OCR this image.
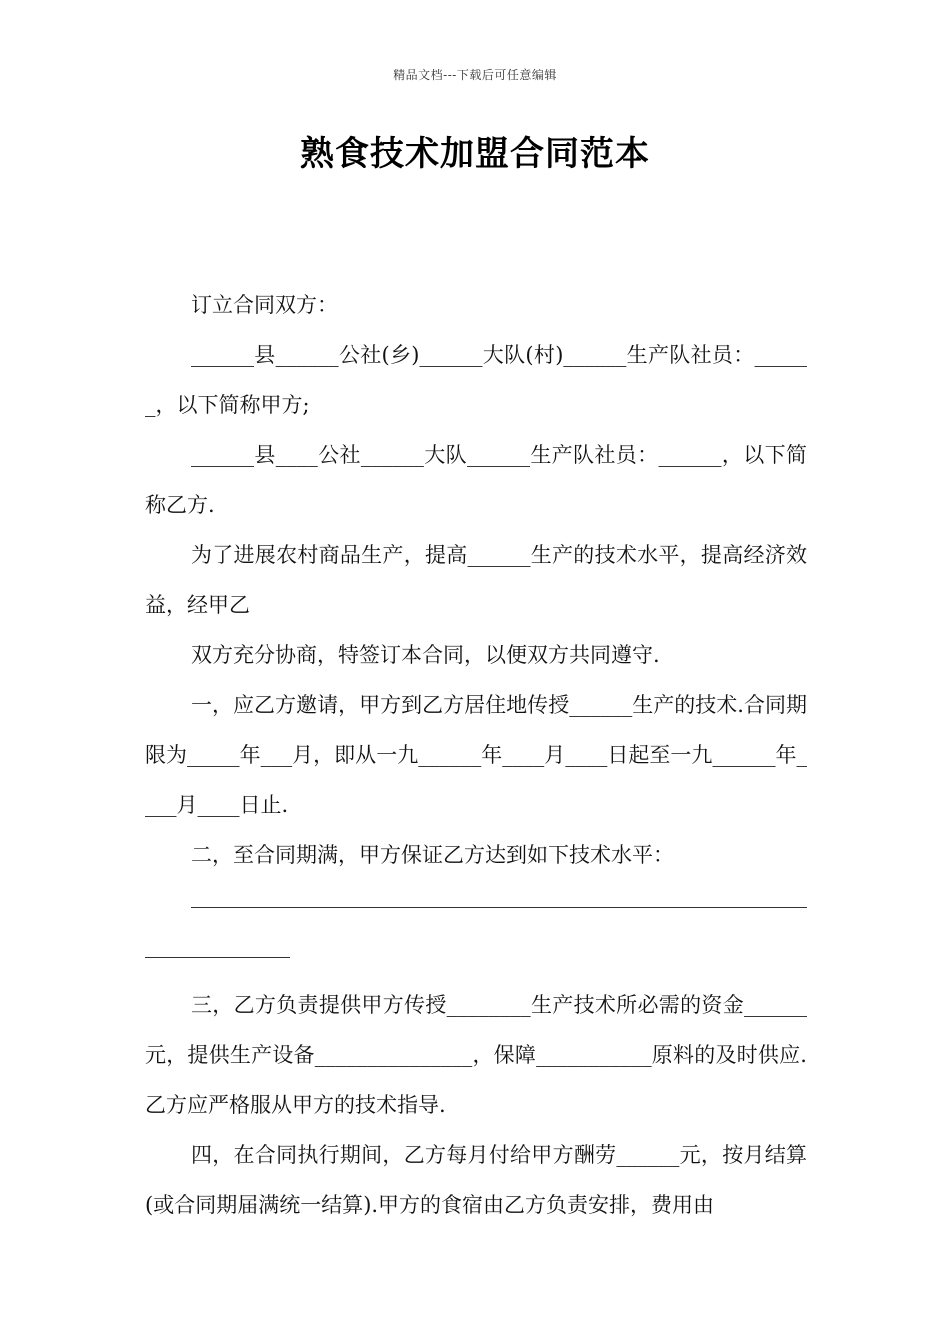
精品文档---下载后可任意编辑
熟食技术加盟合同范本

订立合同双方：

______县______公社(乡)______大队(村)______生产队社员：______，以下简称甲方;

______县____公社______大队______生产队社员：______，以下简称乙方.

为了进展农村商品生产，提高______生产的技术水平，提高经济效益，经甲乙

双方充分协商，特签订本合同，以便双方共同遵守.

一，应乙方邀请，甲方到乙方居住地传授______生产的技术.合同期限为_____年___月，即从一九______年____月____日起至一九______年____月____日止.

二，至合同期满，甲方保证乙方达到如下技术水平：

三，乙方负责提供甲方传授________生产技术所必需的资金______元，提供生产设备_______________，保障___________原料的及时供应.乙方应严格服从甲方的技术指导.

四，在合同执行期间，乙方每月付给甲方酬劳______元，按月结算(或合同期届满统一结算).甲方的食宿由乙方负责安排，费用由
